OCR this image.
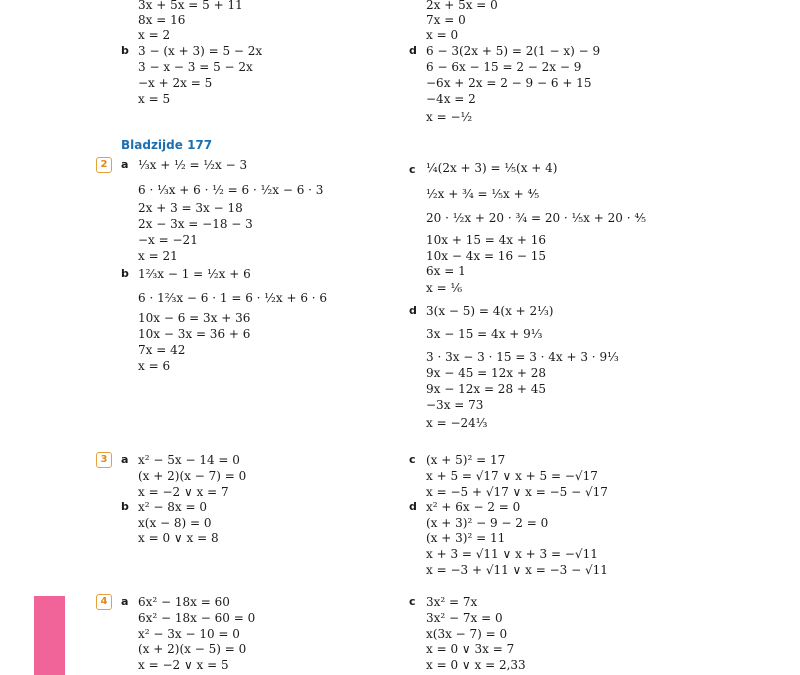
Bladzijde 177
3x + 5x = 5 + 11
8x = 16
x = 2
b 3 − (x + 3) = 5 − 2x
3 − x − 3 = 5 − 2x
−x + 2x = 5
x = 5
2x + 5x = 0
7x = 0
x = 0
d 6 − 3(2x + 5) = 2(1 − x) − 9
6 − 6x − 15 = 2 − 2x − 9
−6x + 2x = 2 − 9 − 6 + 15
−4x = 2
x = −½
2	a ⅓x + ½ = ½x − 3
6 · ⅓x + 6 · ½ = 6 · ½x − 6 · 3
2x + 3 = 3x − 18
2x − 3x = −18 − 3
−x = −21
x = 21
b 1⅔x − 1 = ½x + 6
6 · 1⅔x − 6 · 1 = 6 · ½x + 6 · 6
10x − 6 = 3x + 36
10x − 3x = 36 + 6
7x = 42
x = 6
c ¼(2x + 3) = ⅕(x + 4)
½x + ¾ = ⅕x + ⅘
20 · ½x + 20 · ¾ = 20 · ⅕x + 20 · ⅘
10x + 15 = 4x + 16
10x − 4x = 16 − 15
6x = 1
x = ⅙
d 3(x − 5) = 4(x + 2⅓)
3x − 15 = 4x + 9⅓
3 · 3x − 3 · 15 = 3 · 4x + 3 · 9⅓
9x − 45 = 12x + 28
9x − 12x = 28 + 45
−3x = 73
x = −24⅓
3	a x² − 5x − 14 = 0
(x + 2)(x − 7) = 0
x = −2 ∨ x = 7
b x² − 8x = 0
x(x − 8) = 0
x = 0 ∨ x = 8
c (x + 5)² = 17
x + 5 = √17 ∨ x + 5 = −√17
x = −5 + √17 ∨ x = −5 − √17
d x² + 6x − 2 = 0
(x + 3)² − 9 − 2 = 0
(x + 3)² = 11
x + 3 = √11 ∨ x + 3 = −√11
x = −3 + √11 ∨ x = −3 − √11
4	a 6x² − 18x = 60
6x² − 18x − 60 = 0
x² − 3x − 10 = 0
(x + 2)(x − 5) = 0
x = −2 ∨ x = 5
c 3x² = 7x
3x² − 7x = 0
x(3x − 7) = 0
x = 0 ∨ 3x = 7
x = 0 ∨ x = 2,33
